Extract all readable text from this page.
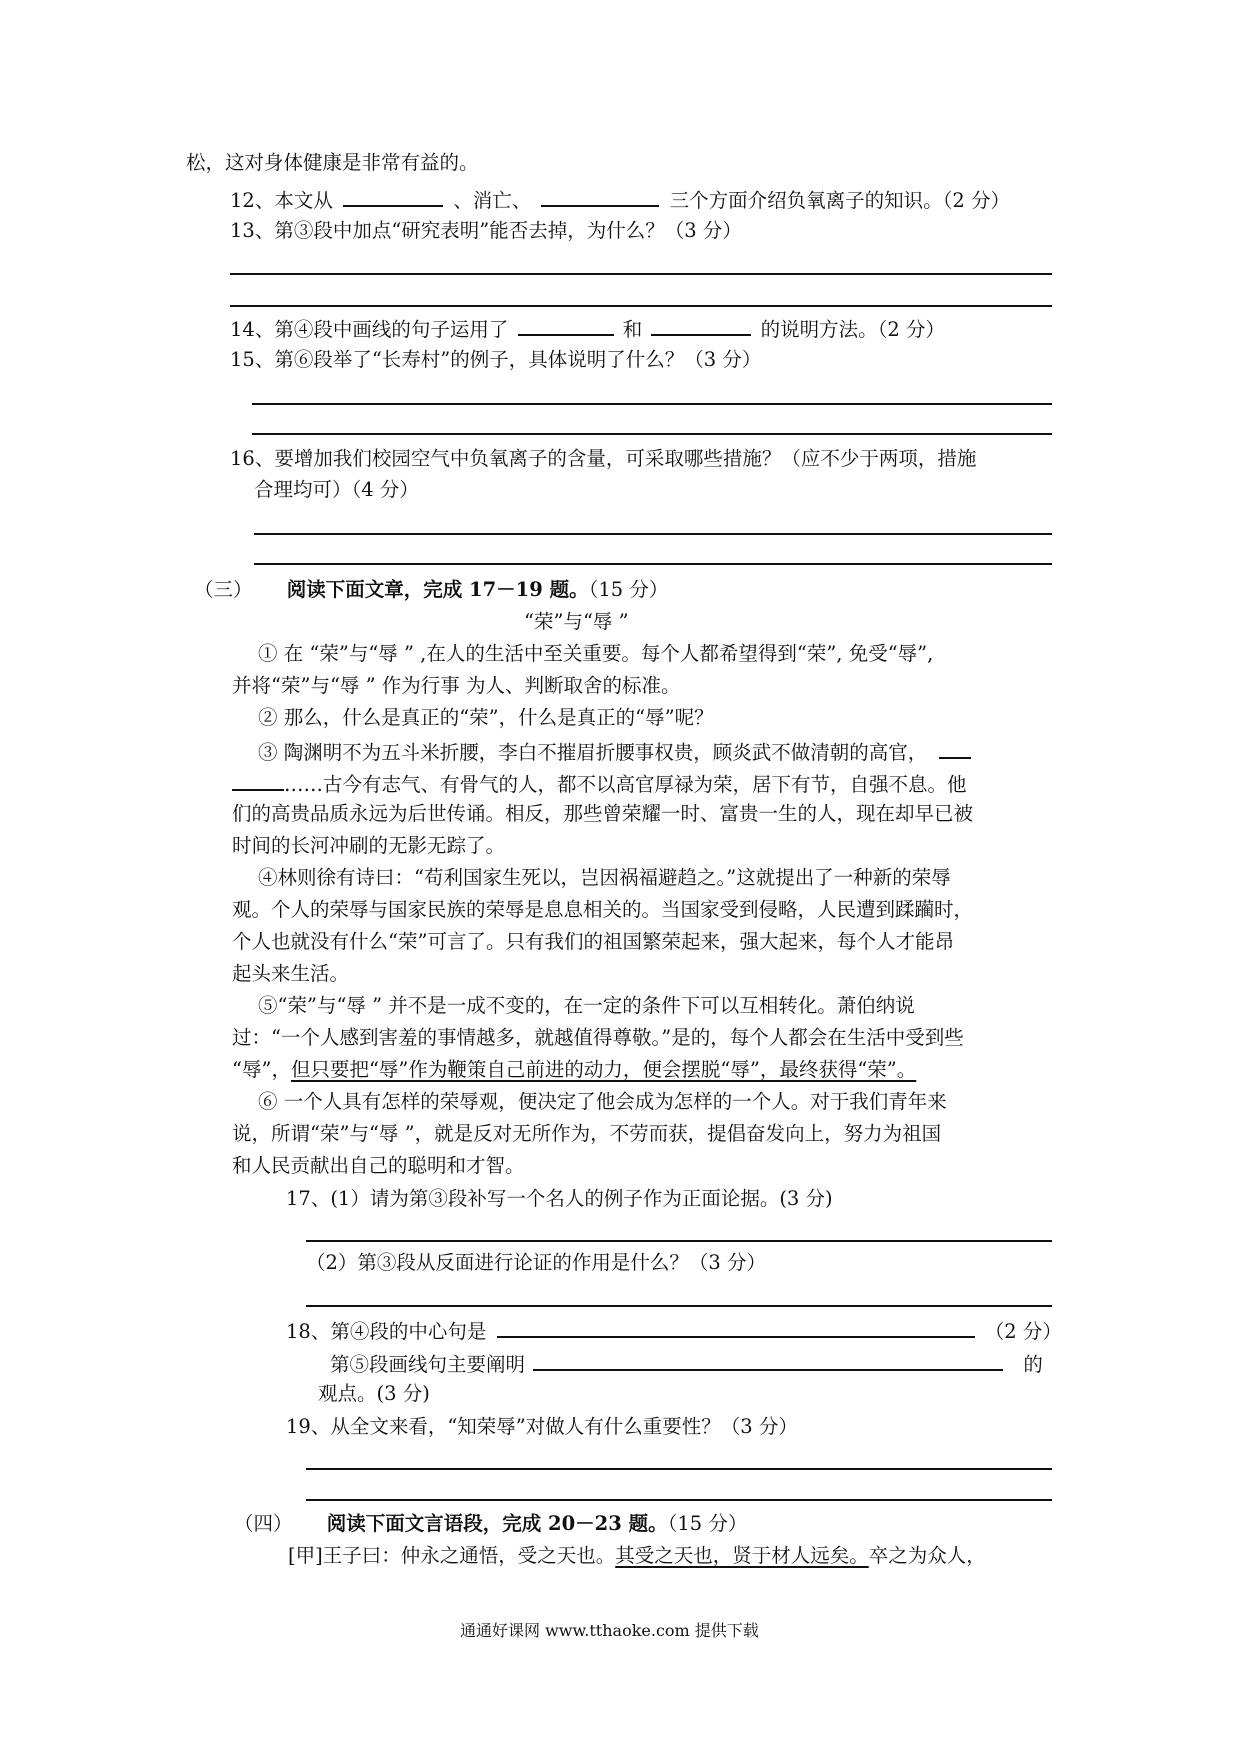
松，这对身体健康是非常有益的。
12、本文从	、消亡、	三个方面介绍负氧离子的知识。（2 分）
13、第③段中加点“研究表明”能否去掉，为什么？（3 分）
14、第④段中画线的句子运用了	和	的说明方法。（2 分）
15、第⑥段举了“长寿村”的例子，具体说明了什么？（3 分）
16、要增加我们校园空气中负氧离子的含量，可采取哪些措施？（应不少于两项，措施
合理均可）（4 分）
（三） 阅读下面文章，完成 17－19 题。（15 分）
“荣”与“辱 ”
① 在 “荣”与“辱 ” ,在人的生活中至关重要。每个人都希望得到“荣”, 免受“辱”,
并将“荣”与“辱 ” 作为行事 为人、判断取舍的标准。
② 那么，什么是真正的“荣”，什么是真正的“辱”呢？
③ 陶渊明不为五斗米折腰，李白不摧眉折腰事权贵，顾炎武不做清朝的高官，
……古今有志气、有骨气的人，都不以高官厚禄为荣，居下有节，自强不息。他
们的高贵品质永远为后世传诵。相反，那些曾荣耀一时、富贵一生的人，现在却早已被
时间的长河冲刷的无影无踪了。
④林则徐有诗曰：“苟利国家生死以，岂因祸福避趋之。”这就提出了一种新的荣辱
观。个人的荣辱与国家民族的荣辱是息息相关的。当国家受到侵略，人民遭到蹂躏时，
个人也就没有什么“荣”可言了。只有我们的祖国繁荣起来，强大起来，每个人才能昂
起头来生活。
⑤“荣”与“辱 ” 并不是一成不变的，在一定的条件下可以互相转化。萧伯纳说
过：“一个人感到害羞的事情越多，就越值得尊敬。”是的，每个人都会在生活中受到些
“辱”，但只要把“辱”作为鞭策自己前进的动力，便会摆脱“辱”，最终获得“荣”。
⑥ 一个人具有怎样的荣辱观，便决定了他会成为怎样的一个人。对于我们青年来
说，所谓“荣”与“辱 ”，就是反对无所作为，不劳而获，提倡奋发向上，努力为祖国
和人民贡献出自己的聪明和才智。
17、(1）请为第③段补写一个名人的例子作为正面论据。(3 分)
（2）第③段从反面进行论证的作用是什么？（3 分）
18、第④段的中心句是	（2 分）
第⑤段画线句主要阐明	的
观点。(3 分)
19、从全文来看，“知荣辱”对做人有什么重要性？（3 分）
（四） 阅读下面文言语段，完成 20－23 题。（15 分）
[甲]王子曰：仲永之通悟，受之天也。其受之天也，贤于材人远矣。卒之为众人，
通通好课网 www.tthaoke.com 提供下载
